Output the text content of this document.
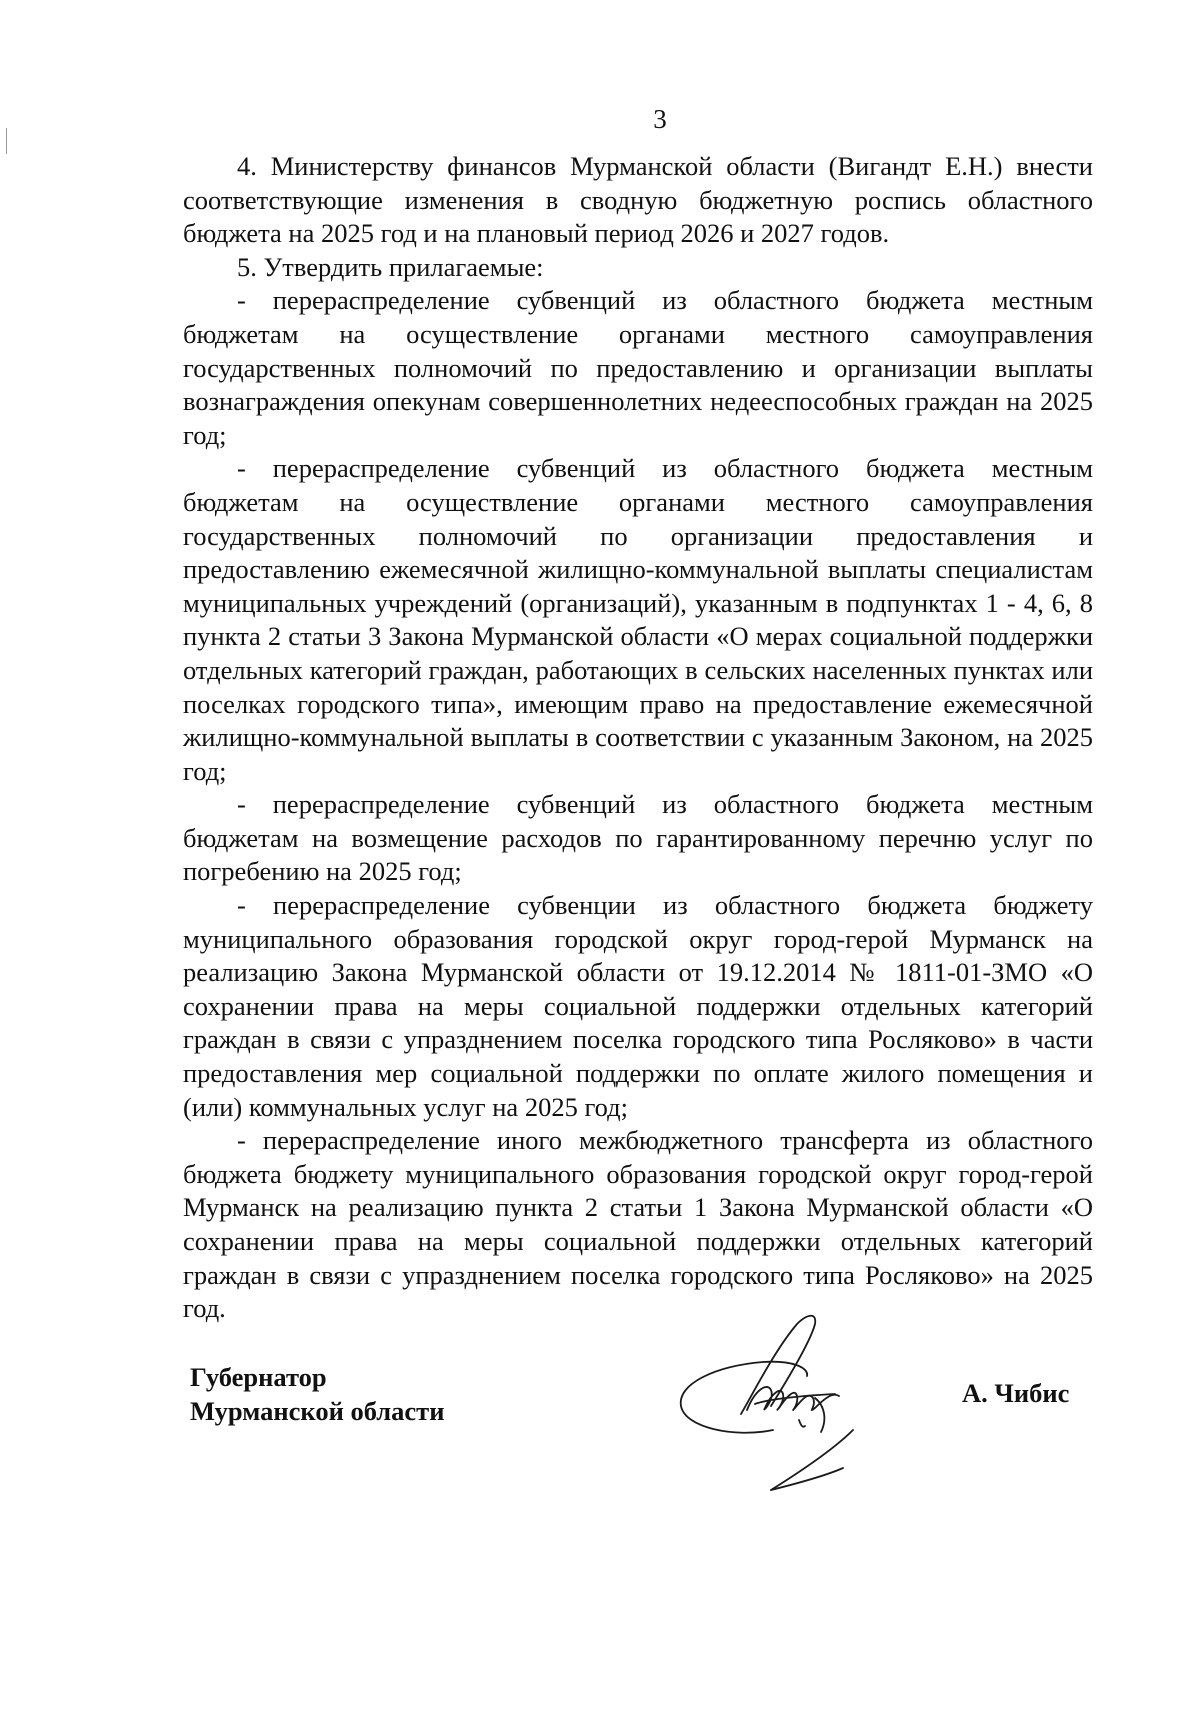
3

4. Министерству финансов Мурманской области (Вигандт Е.Н.) внести соответствующие изменения в сводную бюджетную роспись областного бюджета на 2025 год и на плановый период 2026 и 2027 годов.

5. Утвердить прилагаемые:

- перераспределение субвенций из областного бюджета местным бюджетам на осуществление органами местного самоуправления государственных полномочий по предоставлению и организации выплаты вознаграждения опекунам совершеннолетних недееспособных граждан на 2025 год;

- перераспределение субвенций из областного бюджета местным бюджетам на осуществление органами местного самоуправления государственных полномочий по организации предоставления и предоставлению ежемесячной жилищно-коммунальной выплаты специалистам муниципальных учреждений (организаций), указанным в подпунктах 1 - 4, 6, 8 пункта 2 статьи 3 Закона Мурманской области «О мерах социальной поддержки отдельных категорий граждан, работающих в сельских населенных пунктах или поселках городского типа», имеющим право на предоставление ежемесячной жилищно-коммунальной выплаты в соответствии с указанным Законом, на 2025 год;

- перераспределение субвенций из областного бюджета местным бюджетам на возмещение расходов по гарантированному перечню услуг по погребению на 2025 год;

- перераспределение субвенции из областного бюджета бюджету муниципального образования городской округ город-герой Мурманск на реализацию Закона Мурманской области от 19.12.2014 № 1811-01-ЗМО «О сохранении права на меры социальной поддержки отдельных категорий граждан в связи с упразднением поселка городского типа Росляково» в части предоставления мер социальной поддержки по оплате жилого помещения и (или) коммунальных услуг на 2025 год;

- перераспределение иного межбюджетного трансферта из областного бюджета бюджету муниципального образования городской округ город-герой Мурманск на реализацию пункта 2 статьи 1 Закона Мурманской области «О сохранении права на меры социальной поддержки отдельных категорий граждан в связи с упразднением поселка городского типа Росляково» на 2025 год.

Губернатор
Мурманской области
А. Чибис
